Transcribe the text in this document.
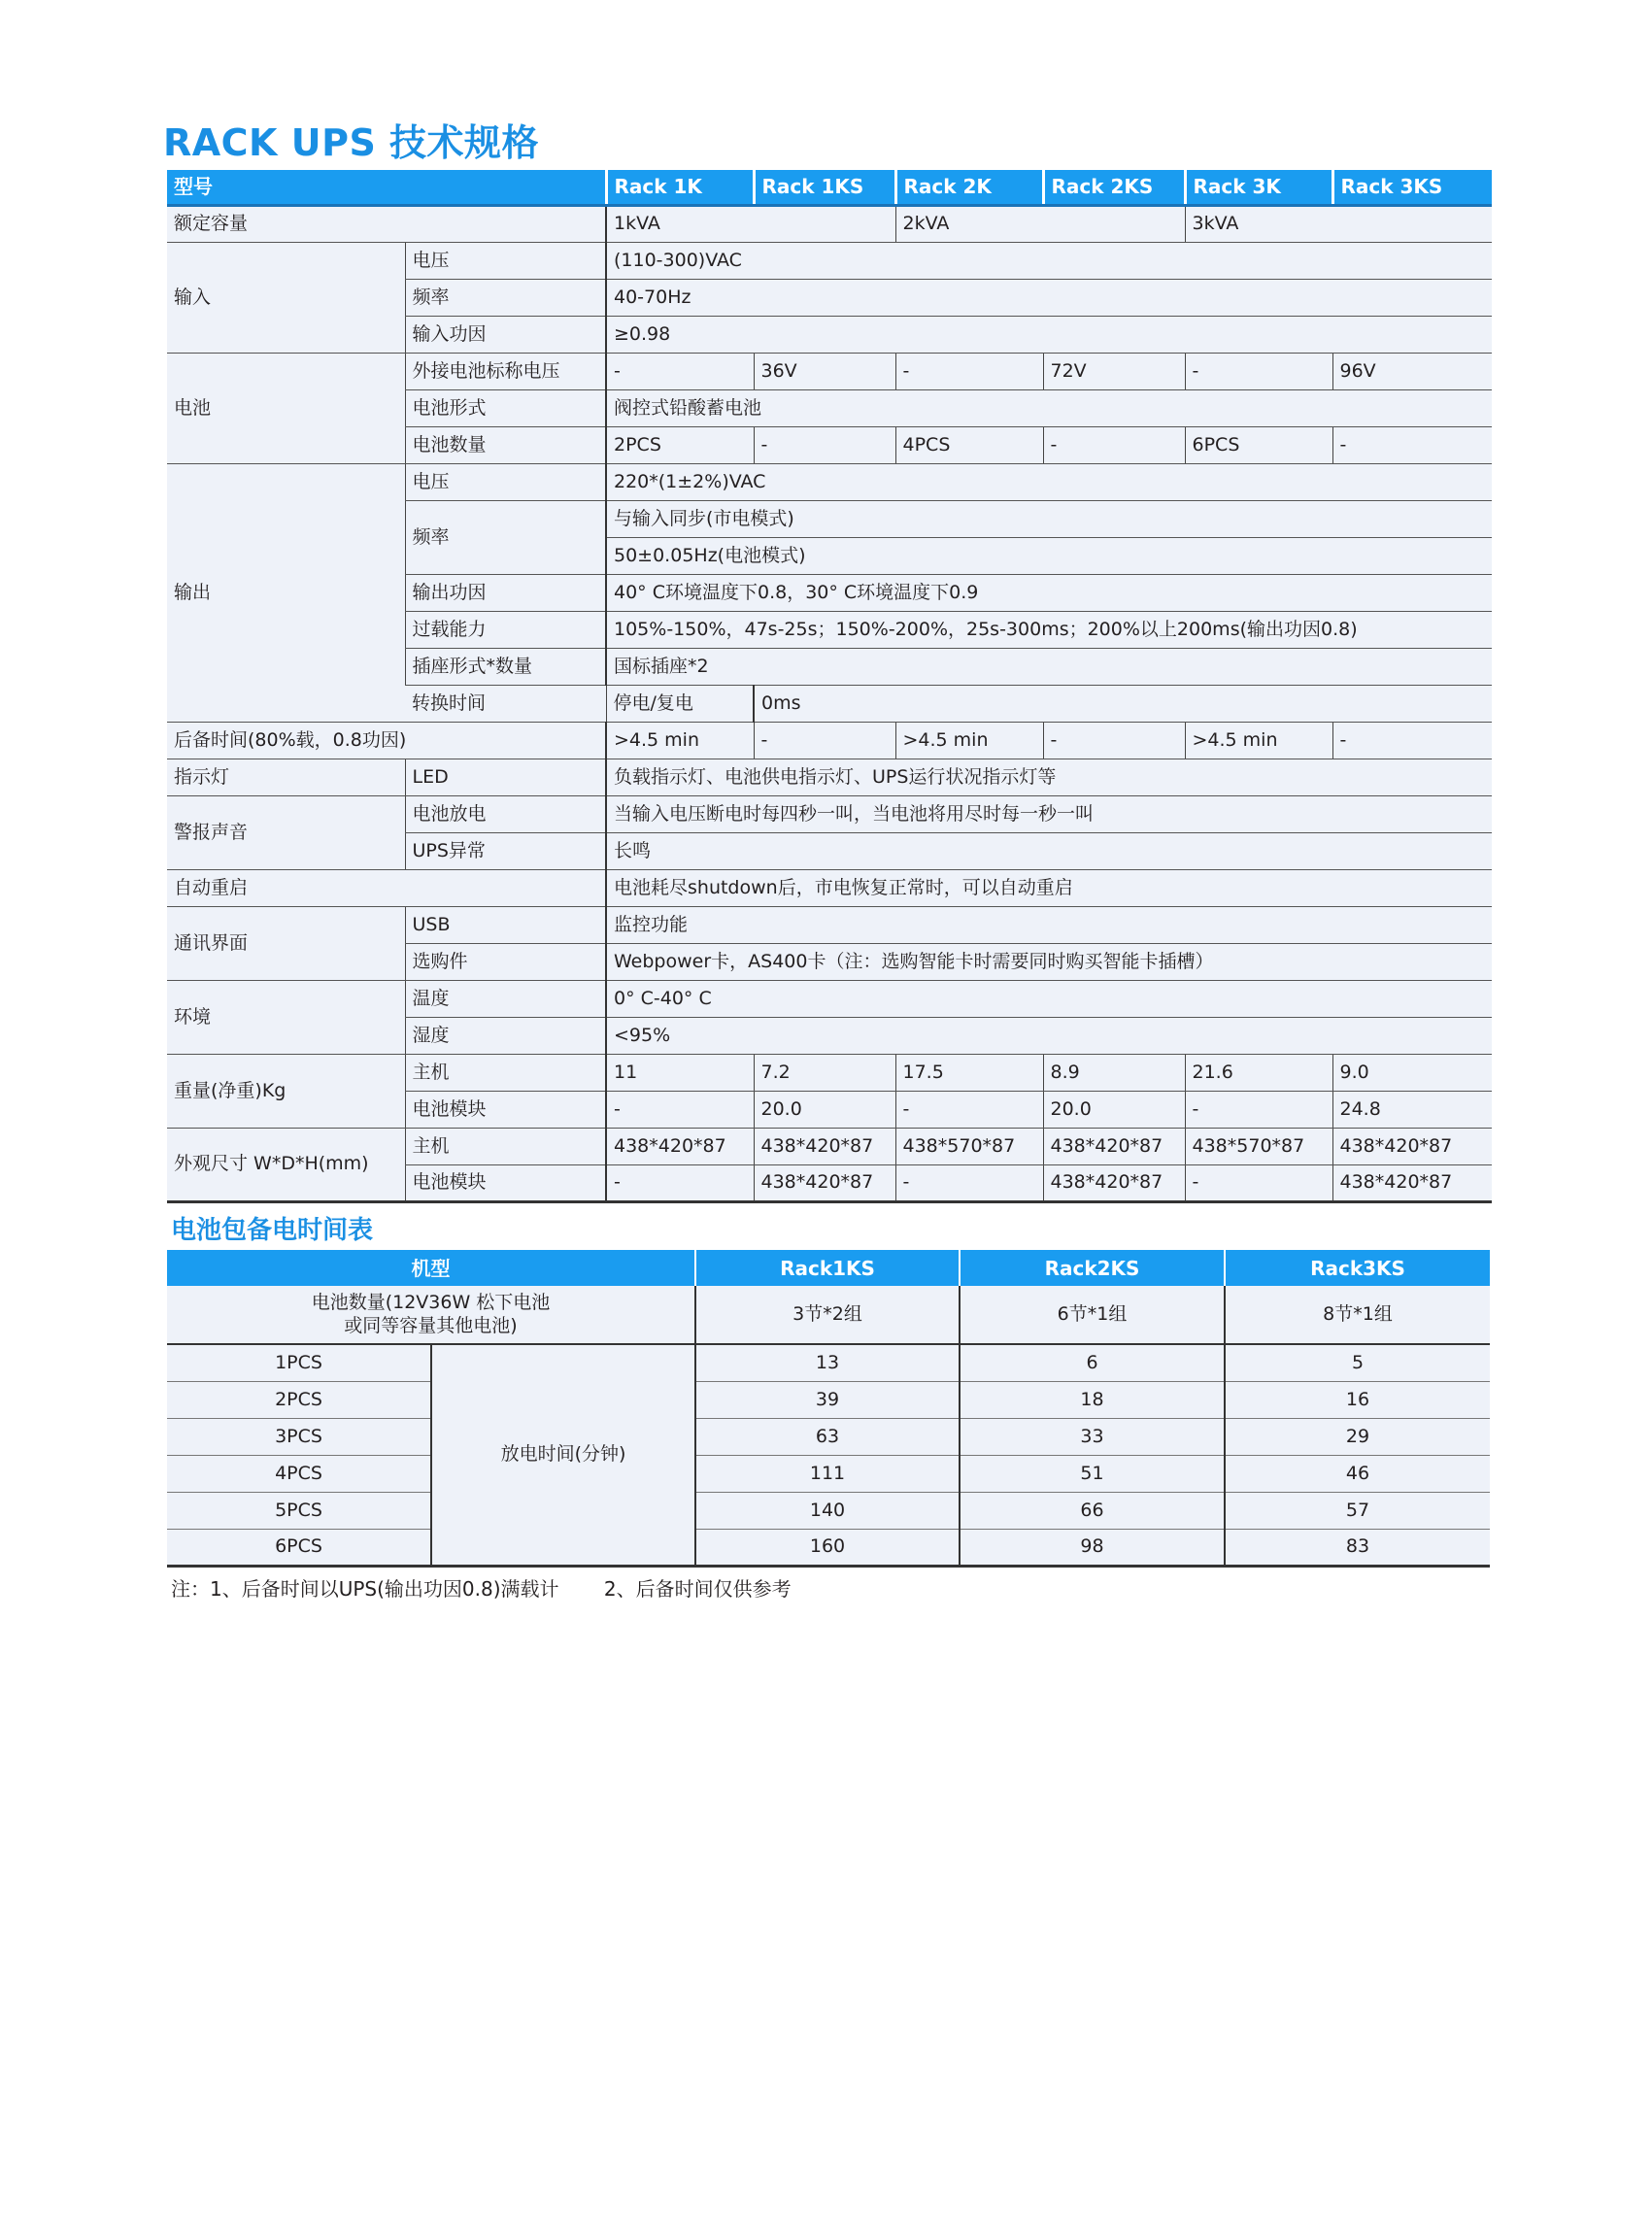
RACK UPS 技术规格
型号		Rack 1K	Rack 1KS	Rack 2K	Rack 2KS	Rack 3K	Rack 3KS
额定容量		1kVA		2kVA		3kVA	
输入	电压	(110-300)VAC					
	频率	40-70Hz					
	输入功因	≥0.98					
电池	外接电池标称电压	-	36V	-	72V	-	96V
	电池形式	阀控式铅酸蓄电池					
	电池数量	2PCS	-	4PCS	-	6PCS	-
输出	电压	220*(1±2%)VAC					
	频率	与输入同步(市电模式)					
		50±0.05Hz(电池模式)					
	输出功因	40° C环境温度下0.8，30° C环境温度下0.9					
	过载能力	105%-150%，47s-25s；150%-200%，25s-300ms；200%以上200ms(输出功因0.8)					
	插座形式*数量	国标插座*2					
	转换时间	停电/复电	0ms				
后备时间(80%载，0.8功因)		>4.5 min	-	>4.5 min	-	>4.5 min	-
指示灯	LED	负载指示灯、电池供电指示灯、UPS运行状况指示灯等					
警报声音	电池放电	当输入电压断电时每四秒一叫，当电池将用尽时每一秒一叫					
	UPS异常	长鸣					
自动重启		电池耗尽shutdown后，市电恢复正常时，可以自动重启					
通讯界面	USB	监控功能					
	选购件	Webpower卡，AS400卡（注：选购智能卡时需要同时购买智能卡插槽）					
环境	温度	0° C-40° C					
	湿度	<95%					
重量(净重)Kg	主机	11	7.2	17.5	8.9	21.6	9.0
	电池模块	-	20.0	-	20.0	-	24.8
外观尺寸 W*D*H(mm)	主机	438*420*87	438*420*87	438*570*87	438*420*87	438*570*87	438*420*87
	电池模块	-	438*420*87	-	438*420*87	-	438*420*87
电池包备电时间表
机型		Rack1KS	Rack2KS	Rack3KS
电池数量(12V36W 松下电池
或同等容量其他电池)		3节*2组	6节*1组	8节*1组
1PCS	放电时间(分钟)	13	6	5
2PCS		39	18	16
3PCS		63	33	29
4PCS		111	51	46
5PCS		140	66	57
6PCS		160	98	83
注：1、后备时间以UPS(输出功因0.8)满载计 2、后备时间仅供参考
